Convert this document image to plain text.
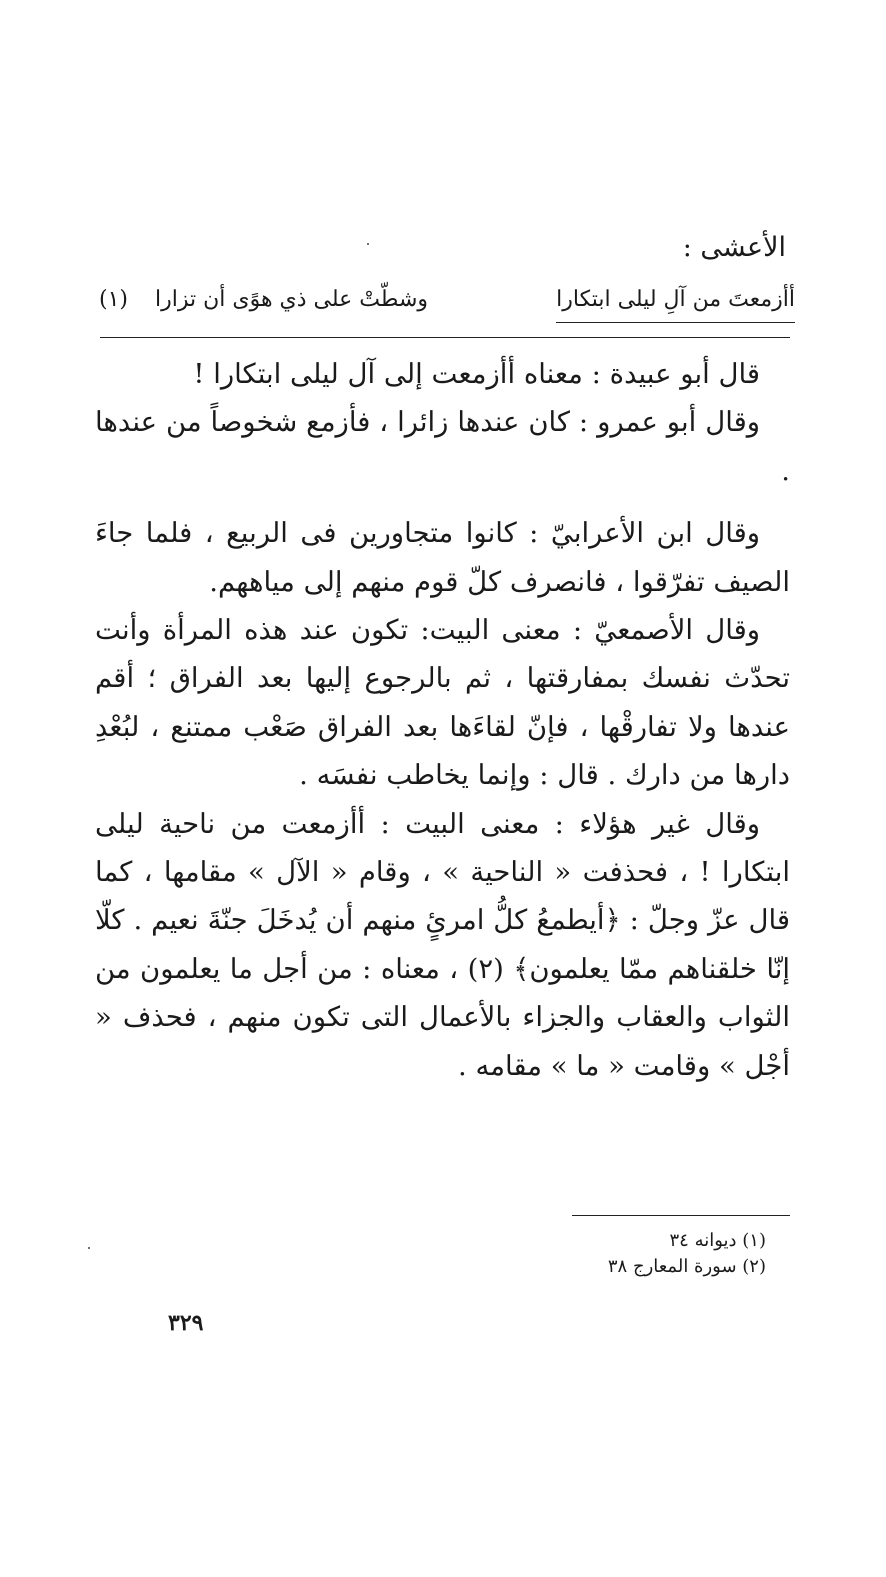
الأعشى :
أأزمعتَ من آلِ ليلى ابتكارا
وشطّتْ على ذي هوًى أن تزارا
(١)

قال أبو عبيدة : معناه أأزمعت إلى آل ليلى ابتكارا !

وقال أبو عمرو : كان عندها زائرا ، فأزمع شخوصاً من عندها .

وقال ابن الأعرابيّ : كانوا متجاورين فى الربيع ، فلما جاءَ الصيف تفرّقوا ، فانصرف كلّ قوم منهم إلى مياههم.

وقال الأصمعيّ : معنى البيت: تكون عند هذه المرأة وأنت تحدّث نفسك بمفارقتها ، ثم بالرجوع إليها بعد الفراق ؛ أقم عندها ولا تفارقْها ، فإنّ لقاءَها بعد الفراق صَعْب ممتنع ، لبُعْدِ دارها من دارك . قال : وإنما يخاطب نفسَه .

وقال غير هؤلاء : معنى البيت : أأزمعت من ناحية ليلى ابتكارا ! ، فحذفت « الناحية » ، وقام « الآل » مقامها ، كما قال عزّ وجلّ : ﴿أيطمعُ كلُّ امرئٍ منهم أن يُدخَلَ جنّةَ نعيم . كلّا إنّا خلقناهم ممّا يعلمون﴾ (٢) ، معناه : من أجل ما يعلمون من الثواب والعقاب والجزاء بالأعمال التى تكون منهم ، فحذف « أجْل » وقامت « ما » مقامه .

(١) ديوانه ٣٤
(٢) سورة المعارج ٣٨
٣٢٩
